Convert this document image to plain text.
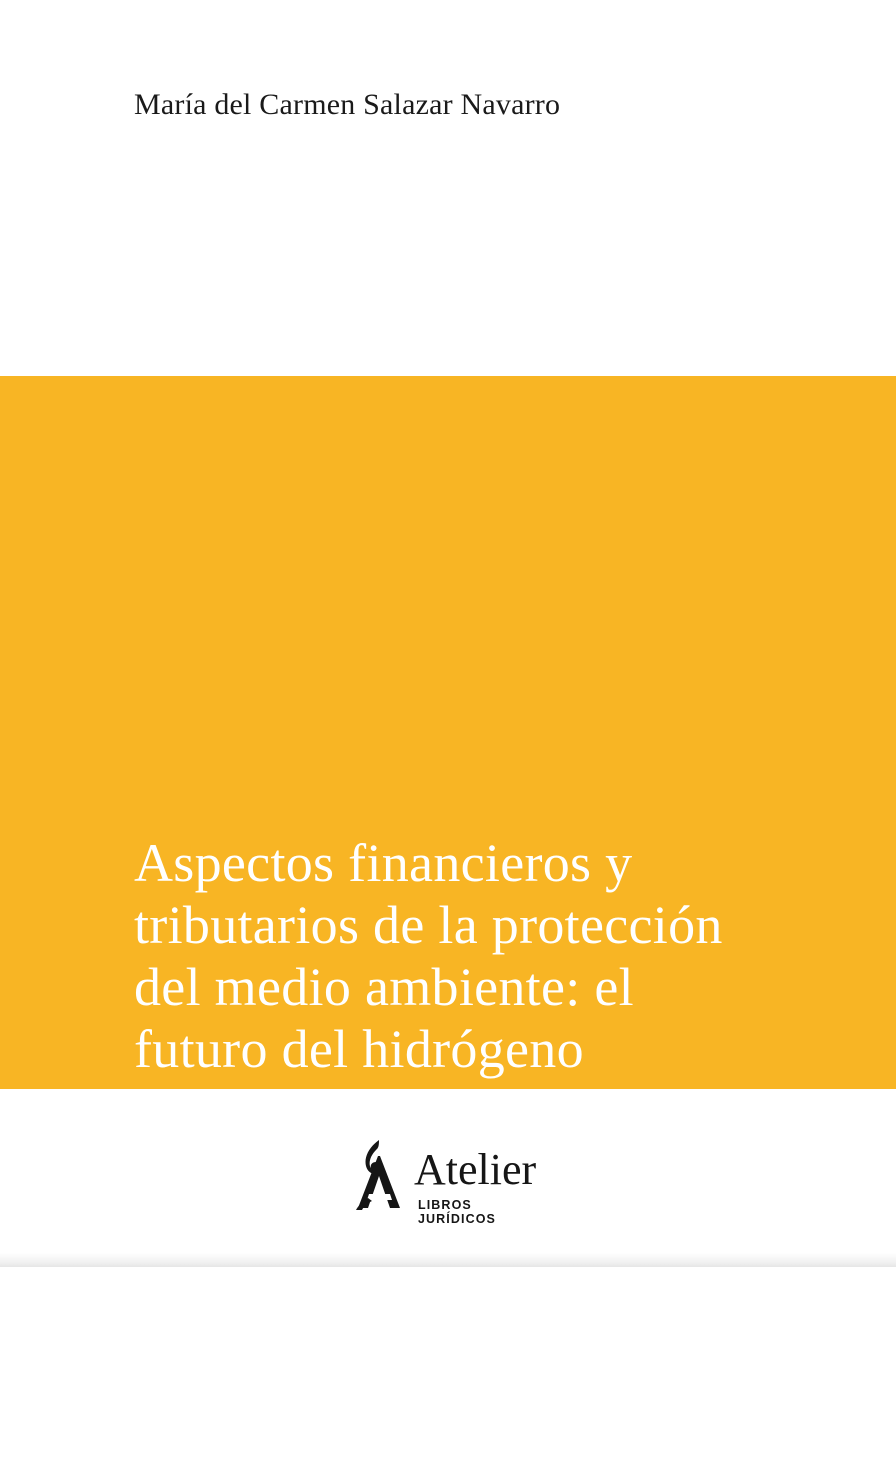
María del Carmen Salazar Navarro
Aspectos financieros y tributarios de la protección del medio ambiente: el futuro del hidrógeno renovable
Atelier
LIBROS JURÍDICOS
